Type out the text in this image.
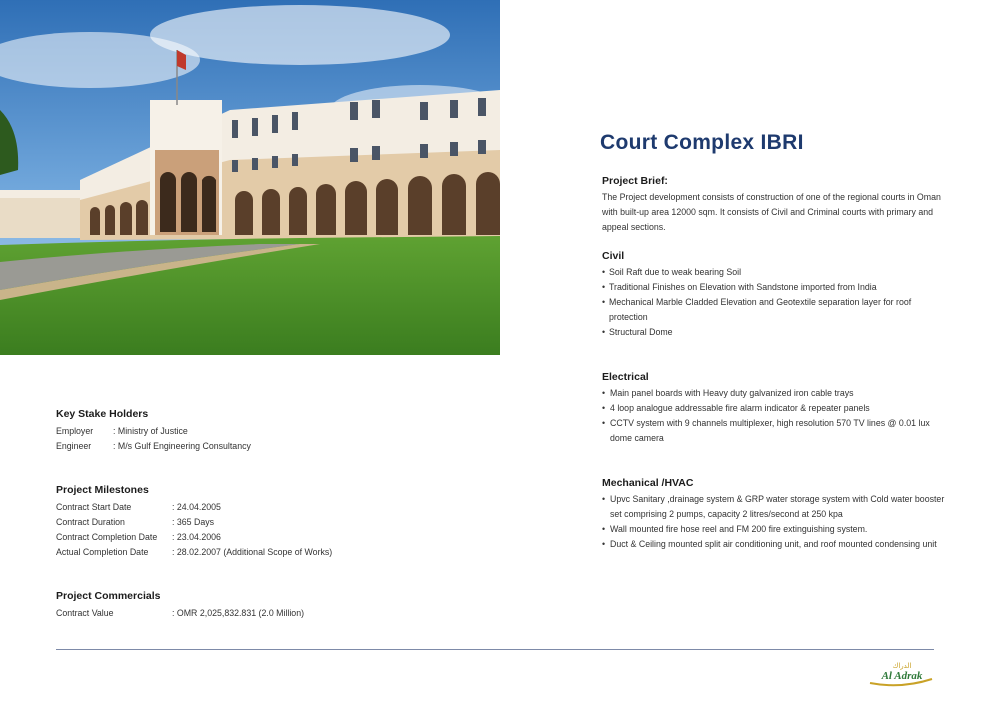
Court Complex IBRI
Project Brief:

The Project development consists of construction of one of the regional courts in Oman with built-up area 12000 sqm. It consists of Civil and Criminal courts with primary and appeal sections.

Civil
• Soil Raft due to weak bearing Soil
• Traditional Finishes on Elevation with Sandstone imported from India
• Mechanical Marble Cladded Elevation and Geotextile separation layer for roof protection
• Structural Dome
Electrical
• Main panel boards with Heavy duty galvanized iron cable trays
• 4 loop analogue addressable fire alarm indicator & repeater panels
• CCTV system with 9 channels multiplexer, high resolution 570 TV lines @ 0.01 lux dome camera
Mechanical /HVAC
• Upvc Sanitary ,drainage system & GRP water storage system with Cold water booster set comprising 2 pumps, capacity 2 litres/second at 250 kpa
• Wall mounted fire hose reel and FM 200 fire extinguishing system.
• Duct & Ceiling mounted split air conditioning unit, and roof mounted condensing unit
Key Stake Holders
Employer	: Ministry of Justice
Engineer	: M/s Gulf Engineering Consultancy
Project Milestones
Contract Start Date	: 24.04.2005
Contract Duration	: 365 Days
Contract Completion Date	: 23.04.2006
Actual Completion Date	: 28.02.2007 (Additional Scope of Works)
Project Commercials
Contract Value	: OMR 2,025,832.831 (2.0 Million)
الدراك
Al Adrak
